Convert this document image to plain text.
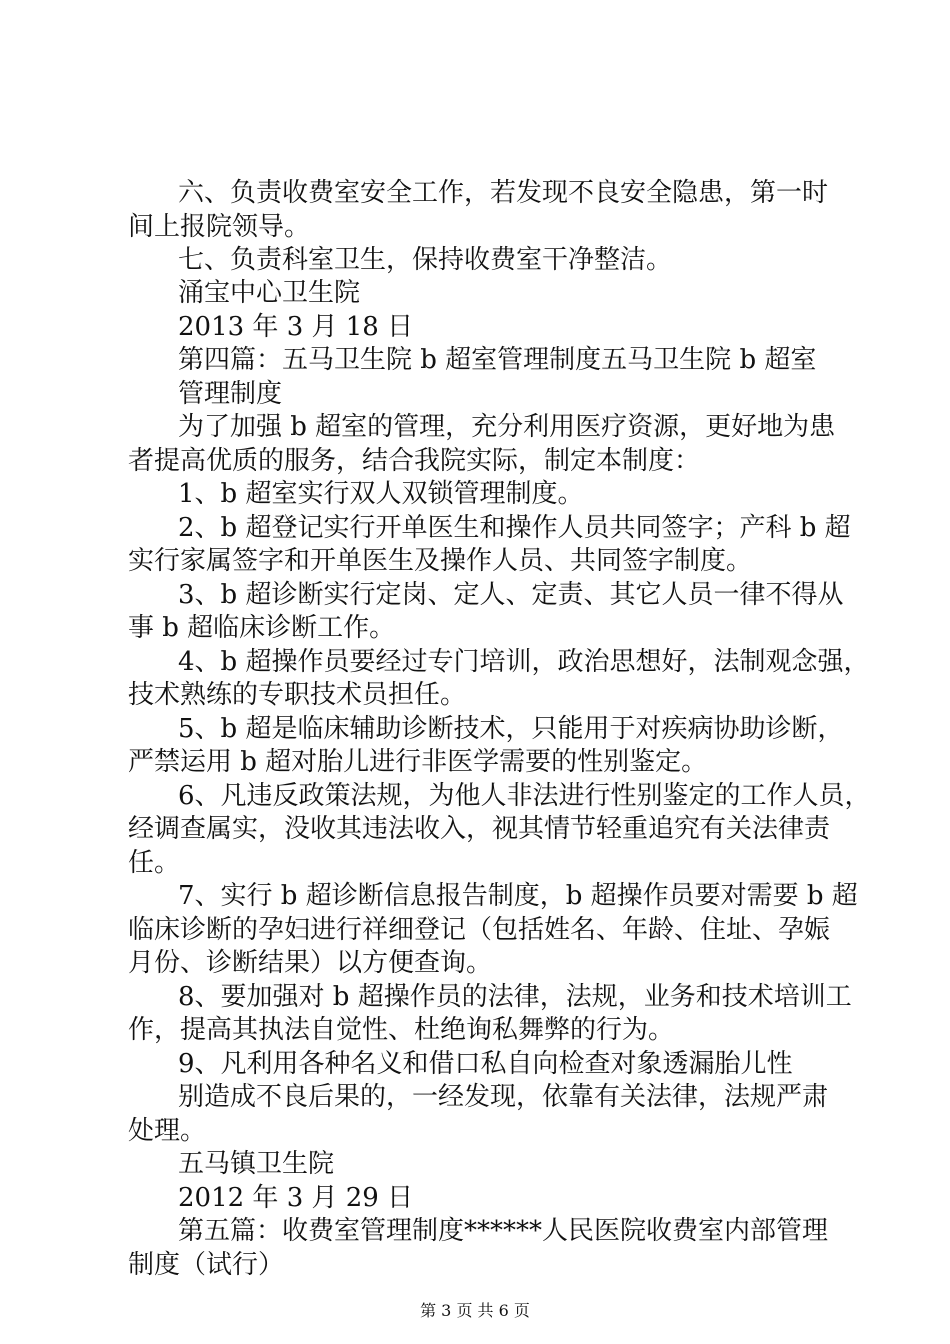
六、负责收费室安全工作，若发现不良安全隐患，第一时
间上报院领导。
七、负责科室卫生，保持收费室干净整洁。
涌宝中心卫生院
2013 年 3 月 18 日
第四篇：五马卫生院 b 超室管理制度五马卫生院 b 超室
管理制度
为了加强 b 超室的管理，充分利用医疗资源，更好地为患
者提高优质的服务，结合我院实际，制定本制度：
1、b 超室实行双人双锁管理制度。
2、b 超登记实行开单医生和操作人员共同签字；产科 b 超
实行家属签字和开单医生及操作人员、共同签字制度。
3、b 超诊断实行定岗、定人、定责、其它人员一律不得从
事 b 超临床诊断工作。
4、b 超操作员要经过专门培训，政治思想好，法制观念强，
技术熟练的专职技术员担任。
5、b 超是临床辅助诊断技术，只能用于对疾病协助诊断，
严禁运用 b 超对胎儿进行非医学需要的性别鉴定。
6、凡违反政策法规，为他人非法进行性别鉴定的工作人员，
经调查属实，没收其违法收入，视其情节轻重追究有关法律责
任。
7、实行 b 超诊断信息报告制度，b 超操作员要对需要 b 超
临床诊断的孕妇进行祥细登记（包括姓名、年龄、住址、孕娠
月份、诊断结果）以方便查询。
8、要加强对 b 超操作员的法律，法规，业务和技术培训工
作，提高其执法自觉性、杜绝询私舞弊的行为。
9、凡利用各种名义和借口私自向检查对象透漏胎儿性
别造成不良后果的，一经发现，依靠有关法律，法规严肃
处理。
五马镇卫生院
2012 年 3 月 29 日
第五篇：收费室管理制度******人民医院收费室内部管理
制度（试行）
第 3 页 共 6 页
